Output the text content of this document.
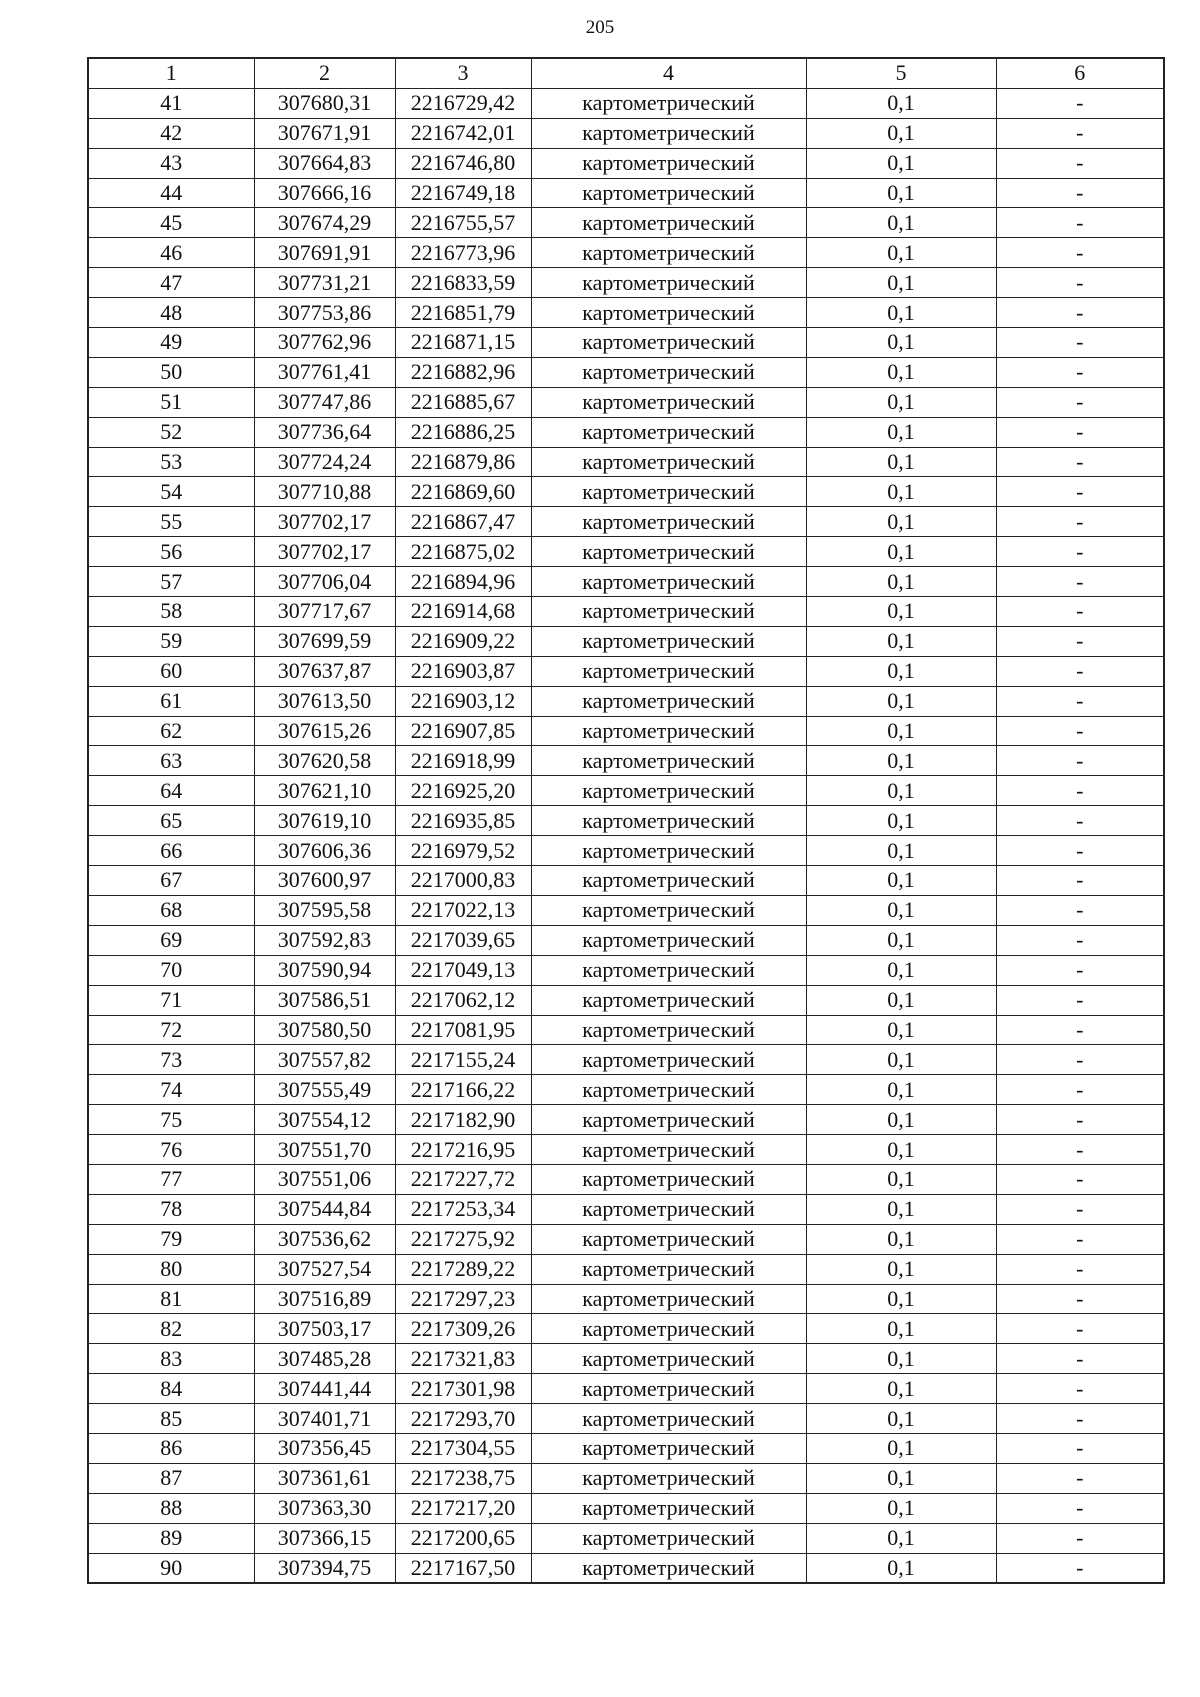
205
1	2	3	4	5	6
41	307680,31	2216729,42	картометрический	0,1	-
42	307671,91	2216742,01	картометрический	0,1	-
43	307664,83	2216746,80	картометрический	0,1	-
44	307666,16	2216749,18	картометрический	0,1	-
45	307674,29	2216755,57	картометрический	0,1	-
46	307691,91	2216773,96	картометрический	0,1	-
47	307731,21	2216833,59	картометрический	0,1	-
48	307753,86	2216851,79	картометрический	0,1	-
49	307762,96	2216871,15	картометрический	0,1	-
50	307761,41	2216882,96	картометрический	0,1	-
51	307747,86	2216885,67	картометрический	0,1	-
52	307736,64	2216886,25	картометрический	0,1	-
53	307724,24	2216879,86	картометрический	0,1	-
54	307710,88	2216869,60	картометрический	0,1	-
55	307702,17	2216867,47	картометрический	0,1	-
56	307702,17	2216875,02	картометрический	0,1	-
57	307706,04	2216894,96	картометрический	0,1	-
58	307717,67	2216914,68	картометрический	0,1	-
59	307699,59	2216909,22	картометрический	0,1	-
60	307637,87	2216903,87	картометрический	0,1	-
61	307613,50	2216903,12	картометрический	0,1	-
62	307615,26	2216907,85	картометрический	0,1	-
63	307620,58	2216918,99	картометрический	0,1	-
64	307621,10	2216925,20	картометрический	0,1	-
65	307619,10	2216935,85	картометрический	0,1	-
66	307606,36	2216979,52	картометрический	0,1	-
67	307600,97	2217000,83	картометрический	0,1	-
68	307595,58	2217022,13	картометрический	0,1	-
69	307592,83	2217039,65	картометрический	0,1	-
70	307590,94	2217049,13	картометрический	0,1	-
71	307586,51	2217062,12	картометрический	0,1	-
72	307580,50	2217081,95	картометрический	0,1	-
73	307557,82	2217155,24	картометрический	0,1	-
74	307555,49	2217166,22	картометрический	0,1	-
75	307554,12	2217182,90	картометрический	0,1	-
76	307551,70	2217216,95	картометрический	0,1	-
77	307551,06	2217227,72	картометрический	0,1	-
78	307544,84	2217253,34	картометрический	0,1	-
79	307536,62	2217275,92	картометрический	0,1	-
80	307527,54	2217289,22	картометрический	0,1	-
81	307516,89	2217297,23	картометрический	0,1	-
82	307503,17	2217309,26	картометрический	0,1	-
83	307485,28	2217321,83	картометрический	0,1	-
84	307441,44	2217301,98	картометрический	0,1	-
85	307401,71	2217293,70	картометрический	0,1	-
86	307356,45	2217304,55	картометрический	0,1	-
87	307361,61	2217238,75	картометрический	0,1	-
88	307363,30	2217217,20	картометрический	0,1	-
89	307366,15	2217200,65	картометрический	0,1	-
90	307394,75	2217167,50	картометрический	0,1	-
